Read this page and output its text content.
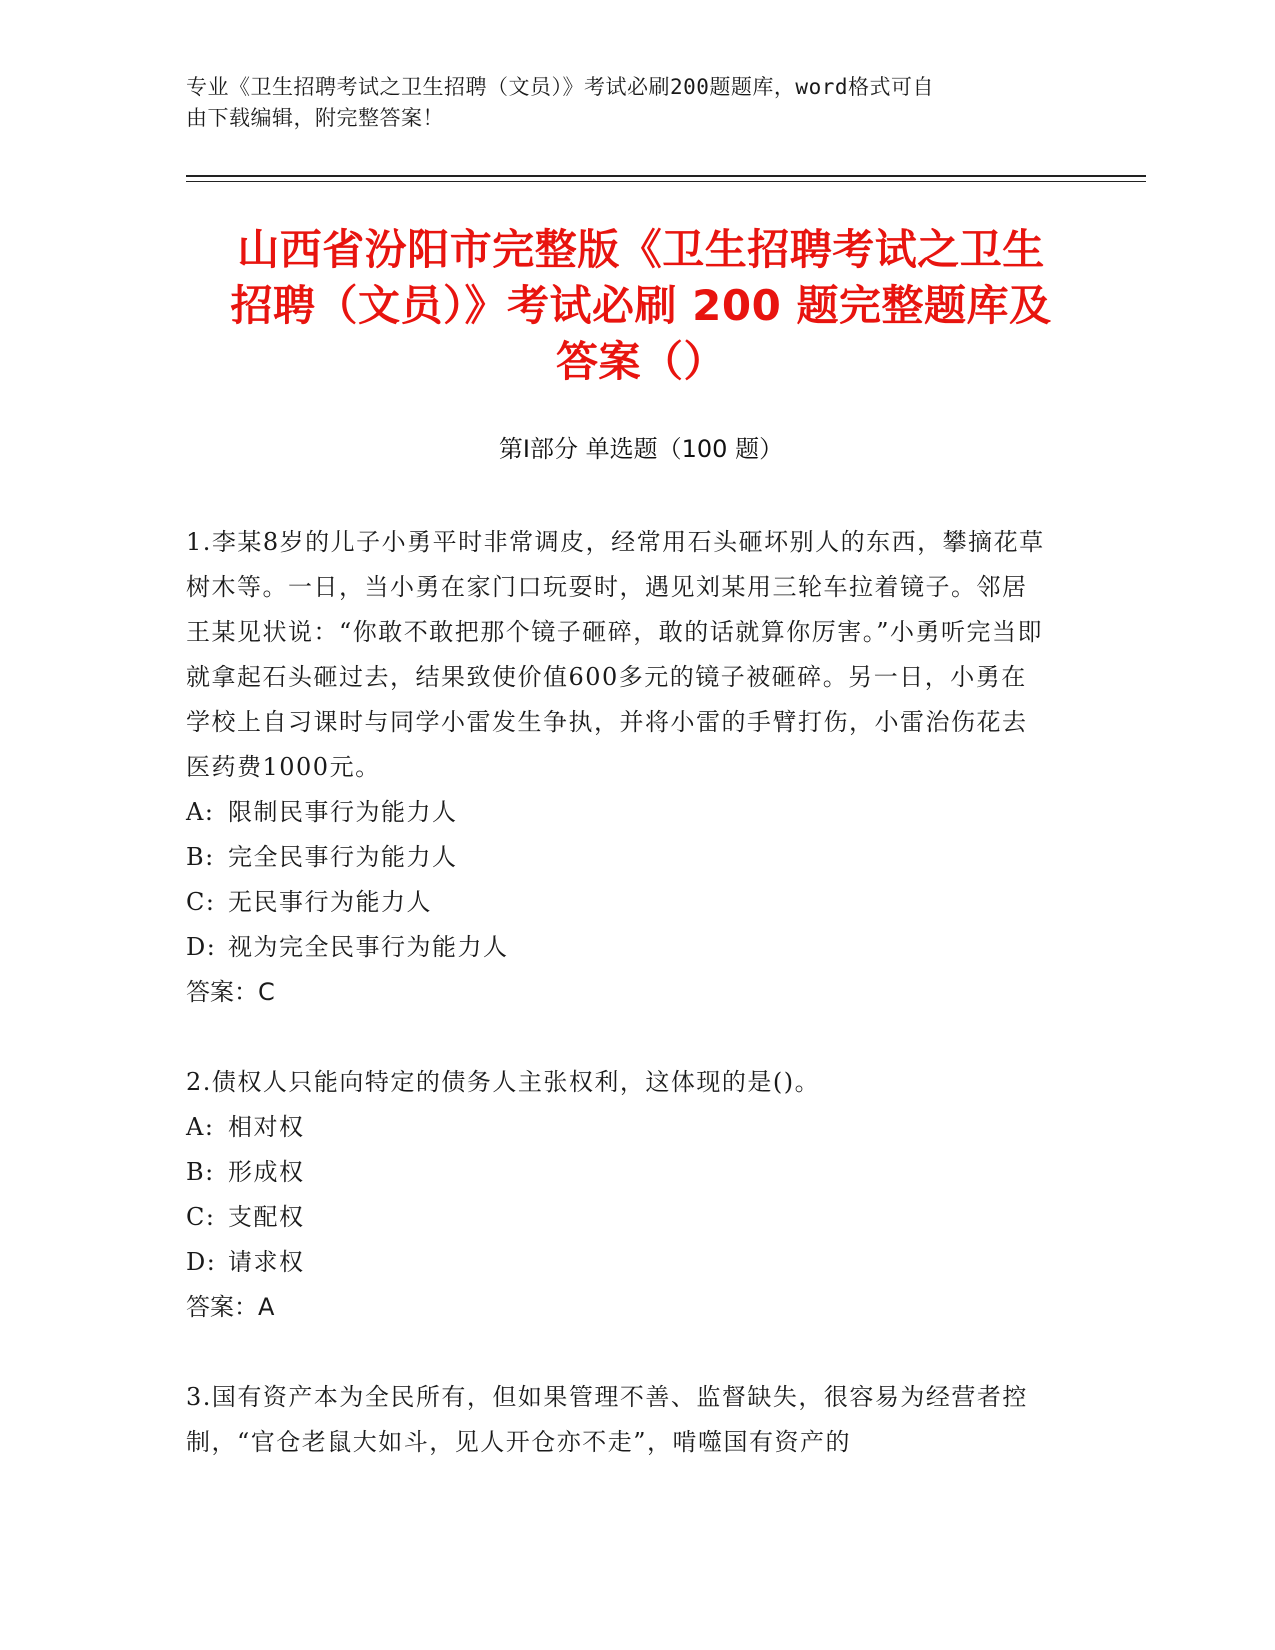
专业《卫生招聘考试之卫生招聘（文员）》考试必刷200题题库，word格式可自
由下载编辑，附完整答案！
山西省汾阳市完整版《卫生招聘考试之卫生
招聘（文员）》考试必刷 200 题完整题库及
答案（）
第Ⅰ部分 单选题（100 题）

1.李某8岁的儿子小勇平时非常调皮，经常用石头砸坏别人的东西，攀摘花草树木等。一日，当小勇在家门口玩耍时，遇见刘某用三轮车拉着镜子。邻居王某见状说：“你敢不敢把那个镜子砸碎，敢的话就算你厉害。”小勇听完当即就拿起石头砸过去，结果致使价值600多元的镜子被砸碎。另一日，小勇在学校上自习课时与同学小雷发生争执，并将小雷的手臂打伤，小雷治伤花去医药费1000元。

A: 限制民事行为能力人

B: 完全民事行为能力人

C: 无民事行为能力人

D: 视为完全民事行为能力人

答案：C

2.债权人只能向特定的债务人主张权利，这体现的是()。

A: 相对权

B: 形成权

C: 支配权

D: 请求权

答案：A

3.国有资产本为全民所有，但如果管理不善、监督缺失，很容易为经营者控制，“官仓老鼠大如斗，见人开仓亦不走”，啃噬国有资产的
